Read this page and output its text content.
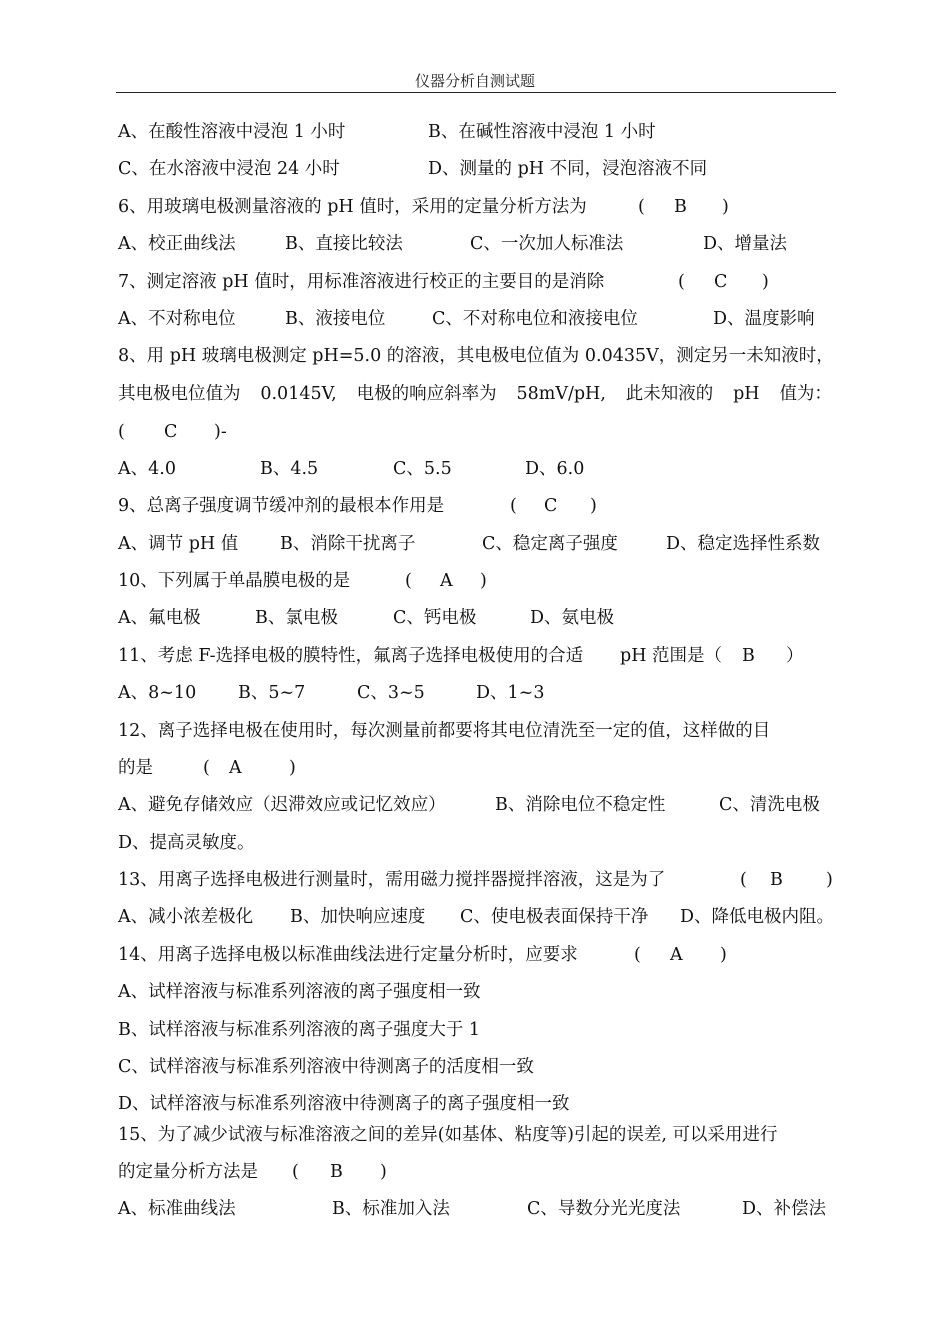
仪器分析自测试题
A、在酸性溶液中浸泡 1 小时	B、在碱性溶液中浸泡 1 小时
C、在水溶液中浸泡 24 小时	D、测量的 pH 不同，浸泡溶液不同
6、用玻璃电极测量溶液的 pH 值时，采用的定量分析方法为	( B )
A、校正曲线法	B、直接比较法	C、一次加人标准法	D、增量法
7、测定溶液 pH 值时，用标准溶液进行校正的主要目的是消除	( C )
A、不对称电位	B、液接电位	C、不对称电位和液接电位	D、温度影响
8、用 pH 玻璃电极测定 pH=5.0 的溶液，其电极电位值为 0.0435V，测定另一未知液时，
其电极电位值为 0.0145V, 电极的响应斜率为 58mV/pH, 此未知液的 pH 值为：
( C )-
A、4.0	B、4.5	C、5.5	D、6.0
9、总离子强度调节缓冲剂的最根本作用是	( C )
A、调节 pH 值 B、消除干扰离子	C、稳定离子强度	D、稳定选择性系数
10、下列属于单晶膜电极的是	( A )
A、氟电极	B、氯电极	C、钙电极	D、氨电极
11、考虑 F-选择电极的膜特性，氟离子选择电极使用的合适 pH 范围是（ B ）
A、8~10 B、5~7	C、3~5	D、1~3
12、离子选择电极在使用时，每次测量前都要将其电位清洗至一定的值，这样做的目
的是	( A	)
A、避免存储效应（迟滞效应或记忆效应）	B、消除电位不稳定性	C、清洗电极
D、提高灵敏度。
13、用离子选择电极进行测量时，需用磁力搅拌器搅拌溶液，这是为了	( B )
A、减小浓差极化 B、加快响应速度 C、使电极表面保持干净 D、降低电极内阻。
14、用离子选择电极以标准曲线法进行定量分析时，应要求	( A )
A、试样溶液与标准系列溶液的离子强度相一致
B、试样溶液与标准系列溶液的离子强度大于 1
C、试样溶液与标准系列溶液中待测离子的活度相一致
D、试样溶液与标准系列溶液中待测离子的离子强度相一致
15、为了减少试液与标准溶液之间的差异(如基体、粘度等)引起的误差, 可以采用进行
的定量分析方法是 ( B )
A、标准曲线法	B、标准加入法	C、导数分光光度法	D、补偿法
